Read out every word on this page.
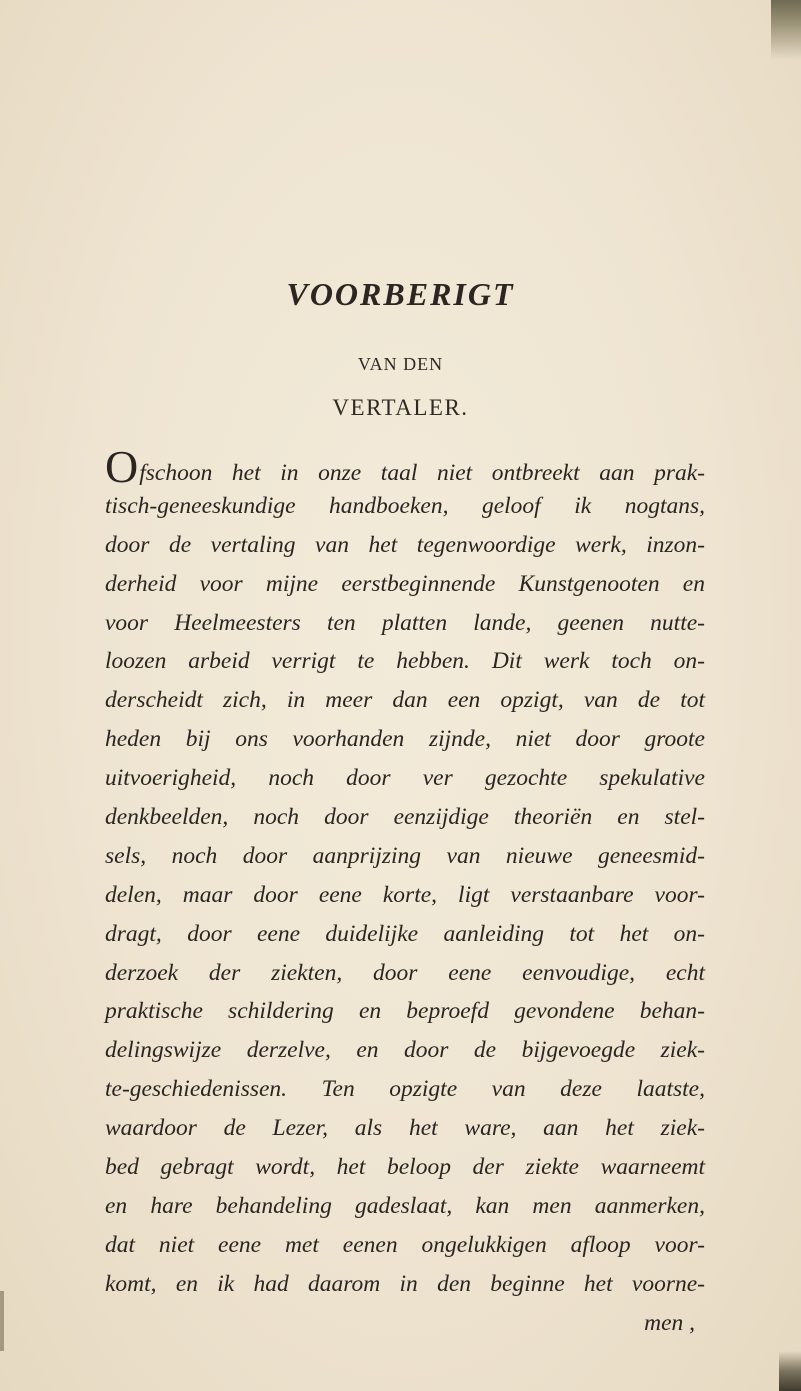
VOORBERIGT
VAN DEN
VERTALER.
Ofschoon het in onze taal niet ontbreekt aan prak-
tisch-geneeskundige handboeken, geloof ik nogtans,
door de vertaling van het tegenwoordige werk, inzon-
derheid voor mijne eerstbeginnende Kunstgenooten en
voor Heelmeesters ten platten lande, geenen nutte-
loozen arbeid verrigt te hebben. Dit werk toch on-
derscheidt zich, in meer dan een opzigt, van de tot
heden bij ons voorhanden zijnde, niet door groote
uitvoerigheid, noch door ver gezochte spekulative
denkbeelden, noch door eenzijdige theoriën en stel-
sels, noch door aanprijzing van nieuwe geneesmid-
delen, maar door eene korte, ligt verstaanbare voor-
dragt, door eene duidelijke aanleiding tot het on-
derzoek der ziekten, door eene eenvoudige, echt
praktische schildering en beproefd gevondene behan-
delingswijze derzelve, en door de bijgevoegde ziek-
te-geschiedenissen. Ten opzigte van deze laatste,
waardoor de Lezer, als het ware, aan het ziek-
bed gebragt wordt, het beloop der ziekte waarneemt
en hare behandeling gadeslaat, kan men aanmerken,
dat niet eene met eenen ongelukkigen afloop voor-
komt, en ik had daarom in den beginne het voorne-
men ,
